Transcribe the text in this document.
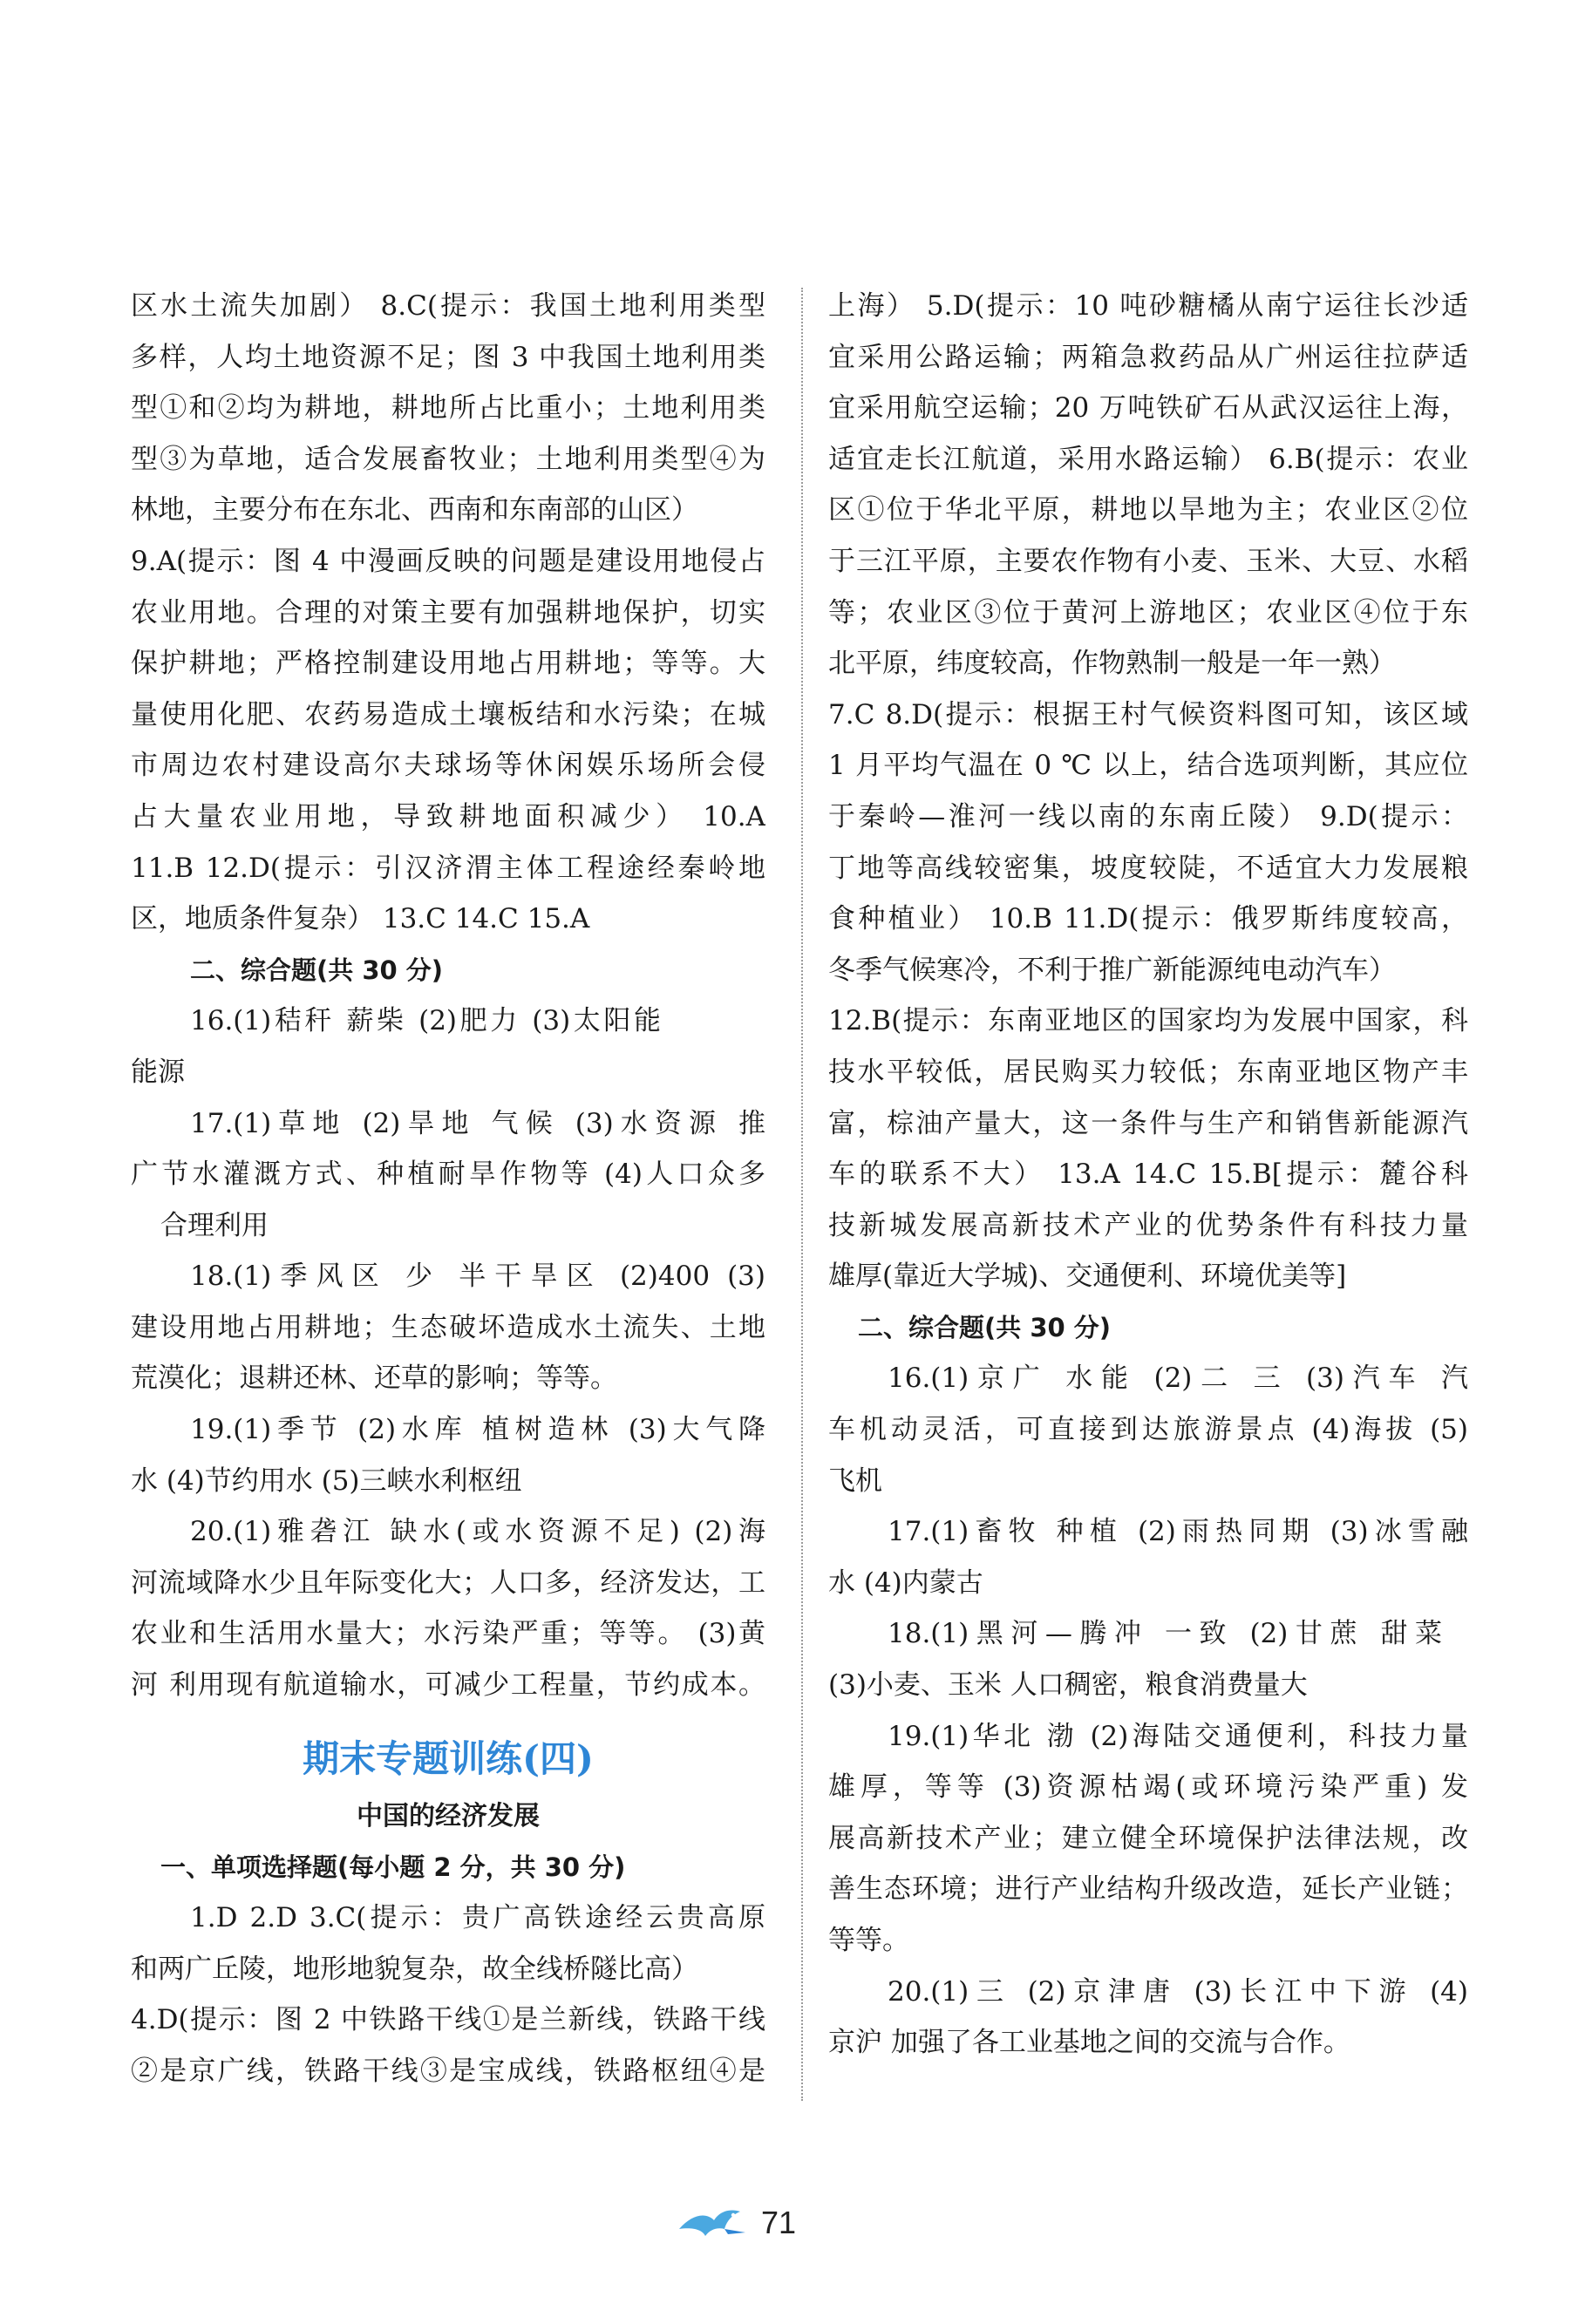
区水土流失加剧） 8.C(提示：我国土地利用类型
多样，人均土地资源不足；图 3 中我国土地利用类
型①和②均为耕地，耕地所占比重小；土地利用类
型③为草地，适合发展畜牧业；土地利用类型④为
林地，主要分布在东北、西南和东南部的山区）
9.A(提示：图 4 中漫画反映的问题是建设用地侵占
农业用地。合理的对策主要有加强耕地保护，切实
保护耕地；严格控制建设用地占用耕地；等等。大
量使用化肥、农药易造成土壤板结和水污染；在城
市周边农村建设高尔夫球场等休闲娱乐场所会侵
占大量农业用地，导致耕地面积减少） 10.A
11.B 12.D(提示：引汉济渭主体工程途经秦岭地
区，地质条件复杂） 13.C 14.C 15.A
二、综合题(共 30 分)
16.(1)秸秆 薪柴 (2)肥力 (3)太阳能
能源
17.(1)草地 (2)旱地 气候 (3)水资源 推
广节水灌溉方式、种植耐旱作物等 (4)人口众多
合理利用
18.(1)季风区 少 半干旱区 (2)400 (3)
建设用地占用耕地；生态破坏造成水土流失、土地
荒漠化；退耕还林、还草的影响；等等。
19.(1)季节 (2)水库 植树造林 (3)大气降
水 (4)节约用水 (5)三峡水利枢纽
20.(1)雅砻江 缺水(或水资源不足) (2)海
河流域降水少且年际变化大；人口多，经济发达，工
农业和生活用水量大；水污染严重；等等。 (3)黄
河 利用现有航道输水，可减少工程量，节约成本。
期末专题训练(四)
中国的经济发展
一、单项选择题(每小题 2 分，共 30 分)
1.D 2.D 3.C(提示：贵广高铁途经云贵高原
和两广丘陵，地形地貌复杂，故全线桥隧比高）
4.D(提示：图 2 中铁路干线①是兰新线，铁路干线
②是京广线，铁路干线③是宝成线，铁路枢纽④是
上海） 5.D(提示：10 吨砂糖橘从南宁运往长沙适
宜采用公路运输；两箱急救药品从广州运往拉萨适
宜采用航空运输；20 万吨铁矿石从武汉运往上海，
适宜走长江航道，采用水路运输） 6.B(提示：农业
区①位于华北平原，耕地以旱地为主；农业区②位
于三江平原，主要农作物有小麦、玉米、大豆、水稻
等；农业区③位于黄河上游地区；农业区④位于东
北平原，纬度较高，作物熟制一般是一年一熟）
7.C 8.D(提示：根据王村气候资料图可知，该区域
1 月平均气温在 0 ℃ 以上，结合选项判断，其应位
于秦岭—淮河一线以南的东南丘陵） 9.D(提示：
丁地等高线较密集，坡度较陡，不适宜大力发展粮
食种植业） 10.B 11.D(提示：俄罗斯纬度较高，
冬季气候寒冷，不利于推广新能源纯电动汽车）
12.B(提示：东南亚地区的国家均为发展中国家，科
技水平较低，居民购买力较低；东南亚地区物产丰
富，棕油产量大，这一条件与生产和销售新能源汽
车的联系不大） 13.A 14.C 15.B[提示：麓谷科
技新城发展高新技术产业的优势条件有科技力量
雄厚(靠近大学城)、交通便利、环境优美等]
二、综合题(共 30 分)
16.(1)京广 水能 (2)二 三 (3)汽车 汽
车机动灵活，可直接到达旅游景点 (4)海拔 (5)
飞机
17.(1)畜牧 种植 (2)雨热同期 (3)冰雪融
水 (4)内蒙古
18.(1)黑河—腾冲 一致 (2)甘蔗 甜菜
(3)小麦、玉米 人口稠密，粮食消费量大
19.(1)华北 渤 (2)海陆交通便利，科技力量
雄厚，等等 (3)资源枯竭(或环境污染严重) 发
展高新技术产业；建立健全环境保护法律法规，改
善生态环境；进行产业结构升级改造，延长产业链；
等等。
20.(1)三 (2)京津唐 (3)长江中下游 (4)
京沪 加强了各工业基地之间的交流与合作。
71
